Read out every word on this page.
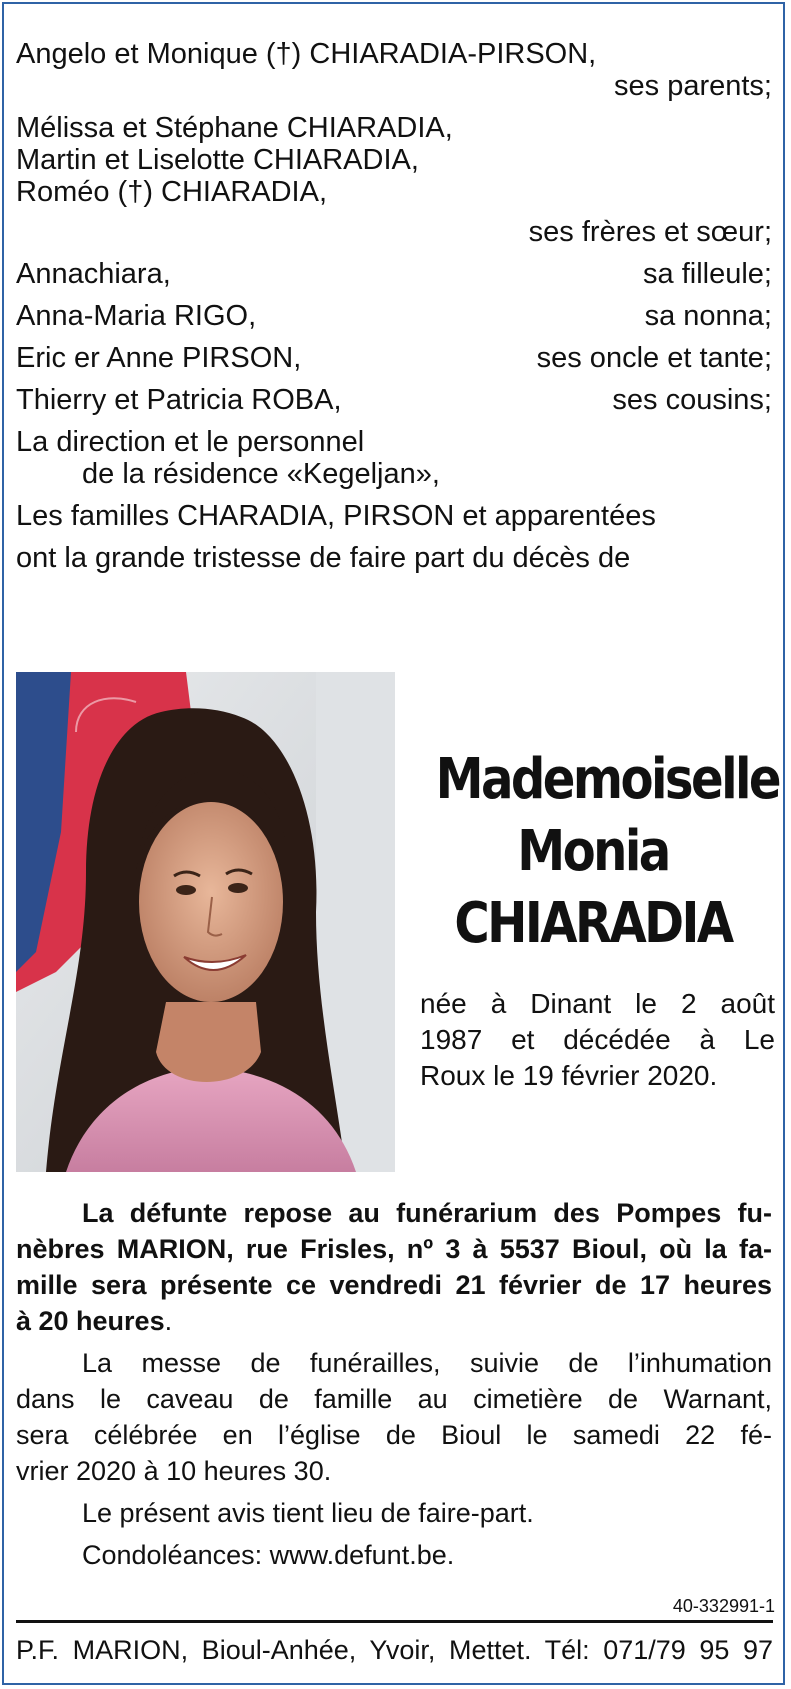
Angelo et Monique (†) CHIARADIA-PIRSON,
ses parents;
Mélissa et Stéphane CHIARADIA,
Martin et Liselotte CHIARADIA,
Roméo (†) CHIARADIA,
ses frères et sœur;
Annachiara,	sa filleule;
Anna-Maria RIGO,	sa nonna;
Eric er Anne PIRSON,	ses oncle et tante;
Thierry et Patricia ROBA,	ses cousins;
La direction et le personnel
de la résidence «Kegeljan»,
Les familles CHARADIA, PIRSON et apparentées
ont la grande tristesse de faire part du décès de
Mademoiselle
Monia
CHIARADIA
née à Dinant le 2 août
1987 et décédée à Le
Roux le 19 février 2020.
La défunte repose au funérarium des Pompes fu-
nèbres MARION, rue Frisles, nº 3 à 5537 Bioul, où la fa-
mille sera présente ce vendredi 21 février de 17 heures
à 20 heures.
La messe de funérailles, suivie de l’inhumation
dans le caveau de famille au cimetière de Warnant,
sera célébrée en l’église de Bioul le samedi 22 fé-
vrier 2020 à 10 heures 30.
Le présent avis tient lieu de faire-part.
Condoléances: www.defunt.be.
40-332991-1
P.F. MARION, Bioul-Anhée, Yvoir, Mettet. Tél: 071/79 95 97
